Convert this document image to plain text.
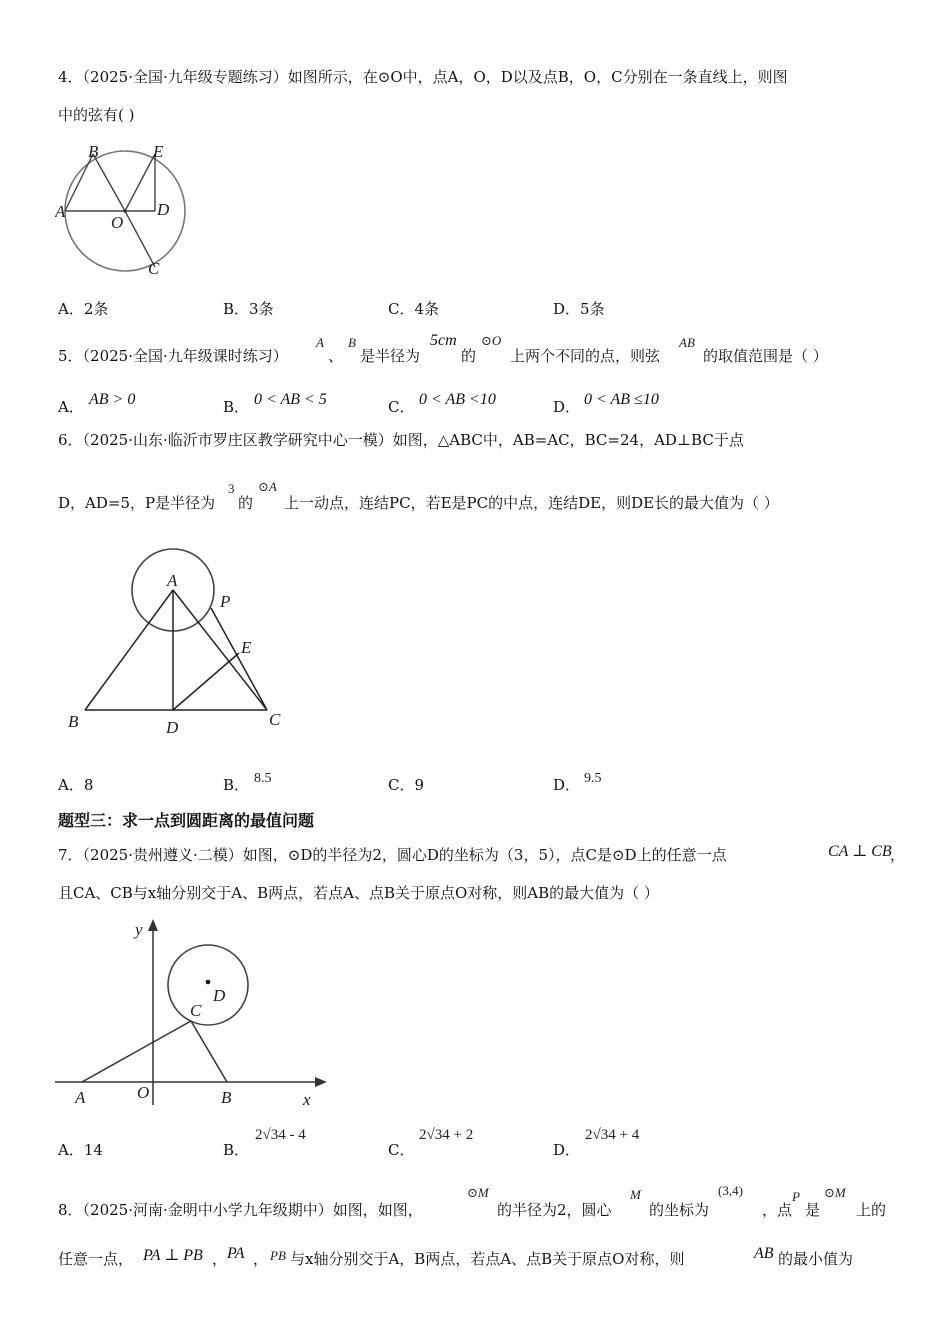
4．（2025·全国·九年级专题练习）如图所示，在⊙O中，点A，O，D以及点B，O，C分别在一条直线上，则图
中的弦有( )
B	E
A
O
D
C
A．2条	B．3条	C．4条	D．5条
5．（2025·全国·九年级课时练习）
A
、
B
是半径为
5cm
的
⊙O
上两个不同的点，则弦
AB
的取值范围是（ ）
A． AB > 0	B． 0 < AB < 5	C． 0 < AB <10	D． 0 < AB ≤10
6．（2025·山东·临沂市罗庄区教学研究中心一模）如图，△ABC中，AB=AC，BC=24，AD⊥BC于点
D，AD=5，P是半径为
3
的
⊙A
上一动点，连结PC，若E是PC的中点，连结DE，则DE长的最大值为（ ）
A
P
E
B	D	C
A．8	B． 8.5	C．9	D． 9.5
题型三：求一点到圆距离的最值问题
7．（2025·贵州遵义·二模）如图，⊙D的半径为2，圆心D的坐标为（3，5），点C是⊙D上的任意一点	CA ⊥ CB
，
且CA、CB与x轴分别交于A、B两点，若点A、点B关于原点O对称，则AB的最大值为（ ）
y
D
C
O
A	B	x
A．14	B．
2√34 - 4
C．
2√34 + 2
D．
2√34 + 4
8．（2025·河南·金明中小学九年级期中）如图，如图，
⊙M
的半径为2，圆心
M
的坐标为
(3,4)
，点
P
是
⊙M
上的
任意一点， PA ⊥ PB ， PA ， PB 与x轴分别交于A，B两点，若点A、点B关于原点O对称，则	AB 的最小值为
